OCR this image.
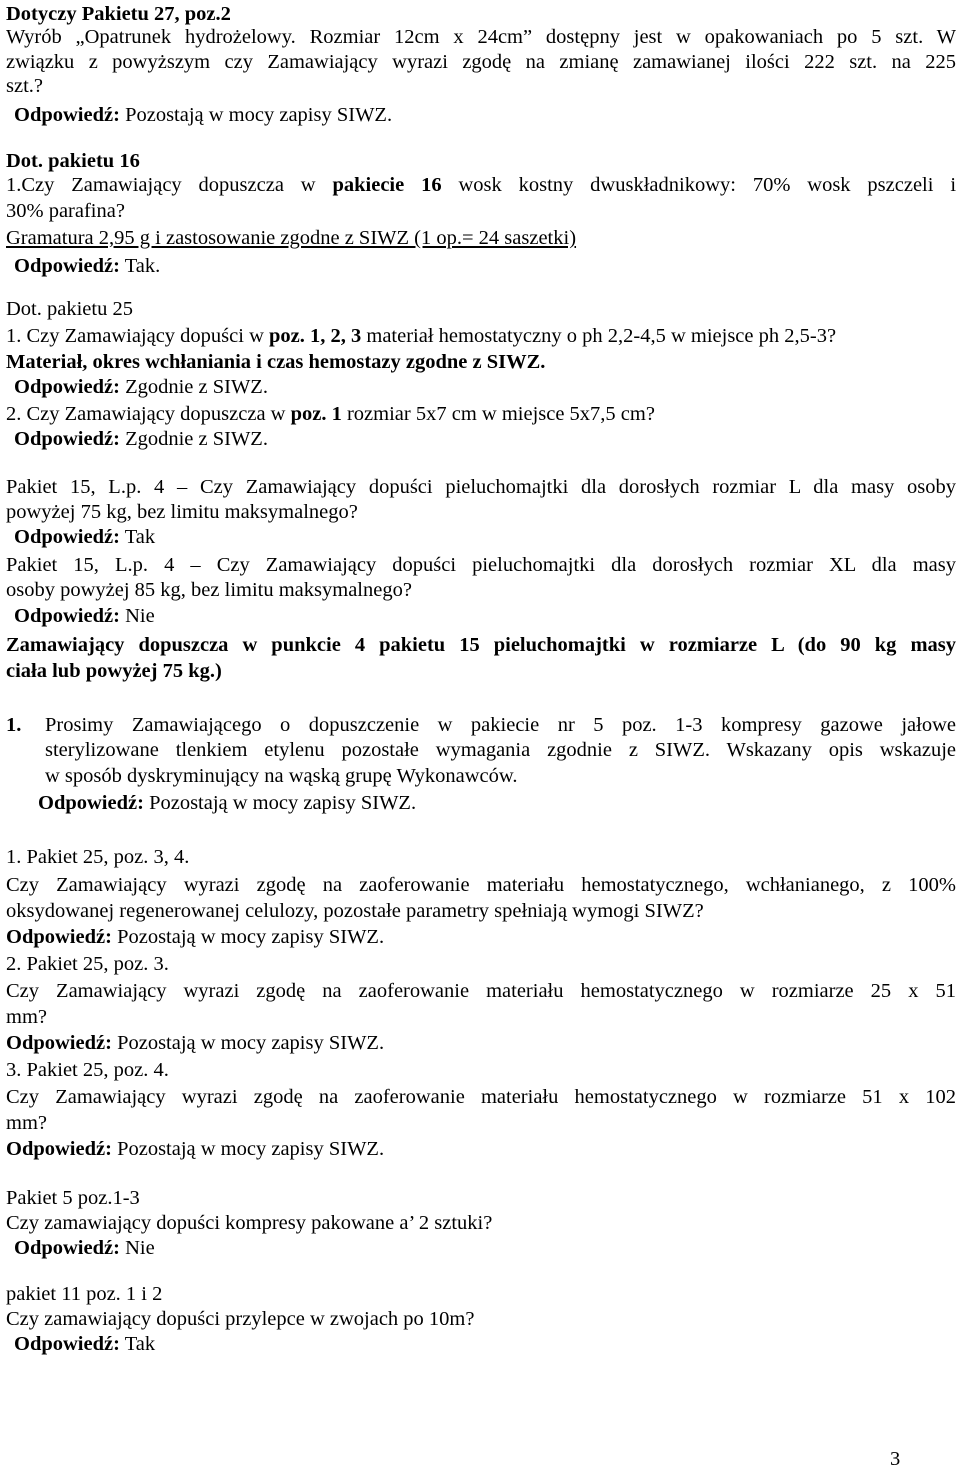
Dotyczy Pakietu 27, poz.2
Wyrób „Opatrunek hydrożelowy. Rozmiar 12cm x 24cm” dostępny jest w opakowaniach po 5 szt. W
związku z powyższym czy Zamawiający wyrazi zgodę na zmianę zamawianej ilości 222 szt. na 225
szt.?
Odpowiedź: Pozostają w mocy zapisy SIWZ.
Dot. pakietu 16
1.Czy Zamawiający dopuszcza w pakiecie 16 wosk kostny dwuskładnikowy: 70% wosk pszczeli i
30% parafina?
Gramatura 2,95 g i zastosowanie zgodne z SIWZ (1 op.= 24 saszetki)
Odpowiedź: Tak.
Dot. pakietu 25
1. Czy Zamawiający dopuści w poz. 1, 2, 3 materiał hemostatyczny o ph 2,2-4,5 w miejsce ph 2,5-3?
Materiał, okres wchłaniania i czas hemostazy zgodne z SIWZ.
Odpowiedź: Zgodnie z SIWZ.
2. Czy Zamawiający dopuszcza w poz. 1 rozmiar 5x7 cm w miejsce 5x7,5 cm?
Odpowiedź: Zgodnie z SIWZ.
Pakiet 15, L.p. 4 – Czy Zamawiający dopuści pieluchomajtki dla dorosłych rozmiar L dla masy osoby
powyżej 75 kg, bez limitu maksymalnego?
Odpowiedź: Tak
Pakiet 15, L.p. 4 – Czy Zamawiający dopuści pieluchomajtki dla dorosłych rozmiar XL dla masy
osoby powyżej 85 kg, bez limitu maksymalnego?
Odpowiedź: Nie
Zamawiający dopuszcza w punkcie 4 pakietu 15 pieluchomajtki w rozmiarze L (do 90 kg masy
ciała lub powyżej 75 kg.)
1.	Prosimy Zamawiającego o dopuszczenie w pakiecie nr 5 poz. 1-3 kompresy gazowe jałowe
sterylizowane tlenkiem etylenu pozostałe wymagania zgodnie z SIWZ. Wskazany opis wskazuje
w sposób dyskryminujący na wąską grupę Wykonawców.
Odpowiedź: Pozostają w mocy zapisy SIWZ.
1. Pakiet 25, poz. 3, 4.
Czy Zamawiający wyrazi zgodę na zaoferowanie materiału hemostatycznego, wchłanianego, z 100%
oksydowanej regenerowanej celulozy, pozostałe parametry spełniają wymogi SIWZ?
Odpowiedź: Pozostają w mocy zapisy SIWZ.
2. Pakiet 25, poz. 3.
Czy Zamawiający wyrazi zgodę na zaoferowanie materiału hemostatycznego w rozmiarze 25 x 51
mm?
Odpowiedź: Pozostają w mocy zapisy SIWZ.
3. Pakiet 25, poz. 4.
Czy Zamawiający wyrazi zgodę na zaoferowanie materiału hemostatycznego w rozmiarze 51 x 102
mm?
Odpowiedź: Pozostają w mocy zapisy SIWZ.
Pakiet 5 poz.1-3
Czy zamawiający dopuści kompresy pakowane a’ 2 sztuki?
Odpowiedź: Nie
pakiet 11 poz. 1 i 2
Czy zamawiający dopuści przylepce w zwojach po 10m?
Odpowiedź: Tak
3
